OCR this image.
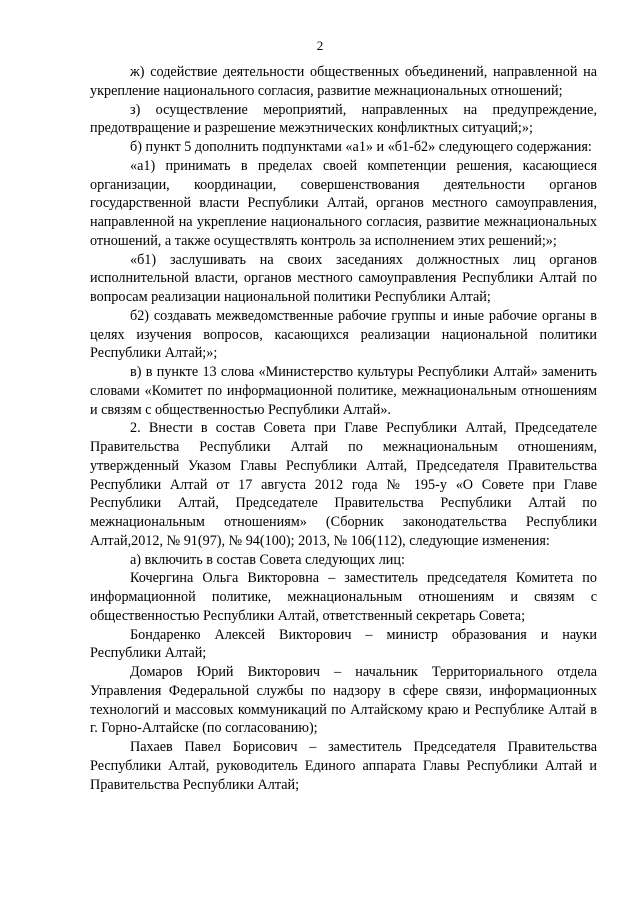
2

ж) содействие деятельности общественных объединений, направленной на укрепление национального согласия, развитие межнациональных отношений;

з) осуществление мероприятий, направленных на предупреждение, предотвращение и разрешение межэтнических конфликтных ситуаций;»;

б) пункт 5 дополнить подпунктами «а1» и «б1-б2» следующего содержания:

«а1) принимать в пределах своей компетенции решения, касающиеся организации, координации, совершенствования деятельности органов государственной власти Республики Алтай, органов местного самоуправления, направленной на укрепление национального согласия, развитие межнациональных отношений, а также осуществлять контроль за исполнением этих решений;»;

«б1) заслушивать на своих заседаниях должностных лиц органов исполнительной власти, органов местного самоуправления Республики Алтай по вопросам реализации национальной политики Республики Алтай;

б2) создавать межведомственные рабочие группы и иные рабочие органы в целях изучения вопросов, касающихся реализации национальной политики Республики Алтай;»;

в) в пункте 13 слова «Министерство культуры Республики Алтай» заменить словами «Комитет по информационной политике, межнациональным отношениям и связям с общественностью Республики Алтай».

2. Внести в состав Совета при Главе Республики Алтай, Председателе Правительства Республики Алтай по межнациональным отношениям, утвержденный Указом Главы Республики Алтай, Председателя Правительства Республики Алтай от 17 августа 2012 года № 195-у «О Совете при Главе Республики Алтай, Председателе Правительства Республики Алтай по межнациональным отношениям» (Сборник законодательства Республики Алтай,2012, № 91(97), № 94(100); 2013, № 106(112), следующие изменения:

а) включить в состав Совета следующих лиц:

Кочергина Ольга Викторовна – заместитель председателя Комитета по информационной политике, межнациональным отношениям и связям с общественностью Республики Алтай, ответственный секретарь Совета;

Бондаренко Алексей Викторович – министр образования и науки Республики Алтай;

Домаров Юрий Викторович – начальник Территориального отдела Управления Федеральной службы по надзору в сфере связи, информационных технологий и массовых коммуникаций по Алтайскому краю и Республике Алтай в г. Горно-Алтайске (по согласованию);

Пахаев Павел Борисович – заместитель Председателя Правительства Республики Алтай, руководитель Единого аппарата Главы Республики Алтай и Правительства Республики Алтай;
